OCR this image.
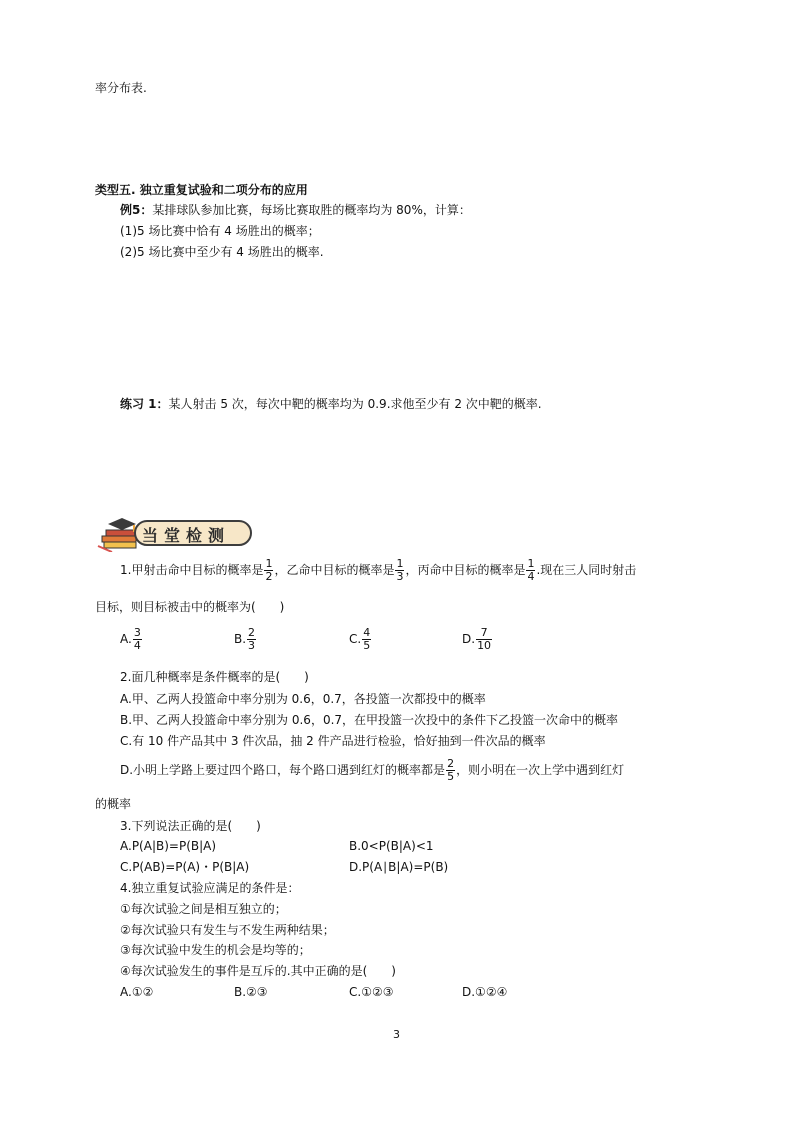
率分布表.
类型五. 独立重复试验和二项分布的应用
例5：某排球队参加比赛，每场比赛取胜的概率均为 80%，计算：
(1)5 场比赛中恰有 4 场胜出的概率；
(2)5 场比赛中至少有 4 场胜出的概率.
练习 1：某人射击 5 次，每次中靶的概率均为 0.9.求他至少有 2 次中靶的概率.
当堂检测
1.甲射击命中目标的概率是 $\frac{1}{2}$ ，乙命中目标的概率是 $\frac{1}{3}$ ，丙命中目标的概率是 $\frac{1}{4}$ .现在三人同时射击
目标，则目标被击中的概率为(　　)
A. $\frac{3}{4}$	B. $\frac{2}{3}$	C. $\frac{4}{5}$	D. $\frac{7}{10}$
2.面几种概率是条件概率的是(　　)
A.甲、乙两人投篮命中率分别为 0.6，0.7，各投篮一次都投中的概率
B.甲、乙两人投篮命中率分别为 0.6，0.7，在甲投篮一次投中的条件下乙投篮一次命中的概率
C.有 10 件产品其中 3 件次品，抽 2 件产品进行检验，恰好抽到一件次品的概率
D.小明上学路上要过四个路口，每个路口遇到红灯的概率都是 $\frac{2}{5}$ ，则小明在一次上学中遇到红灯
的概率
3.下列说法正确的是(　　)
A.P(A|B)=P(B|A)	B.0<P(B|A)<1
C.P(AB)=P(A)・P(B|A)	D.P(A∣B|A)=P(B)
4.独立重复试验应满足的条件是：
①每次试验之间是相互独立的；
②每次试验只有发生与不发生两种结果；
③每次试验中发生的机会是均等的；
④每次试验发生的事件是互斥的.其中正确的是(　　)
A.①②	B.②③	C.①②③	D.①②④
3
